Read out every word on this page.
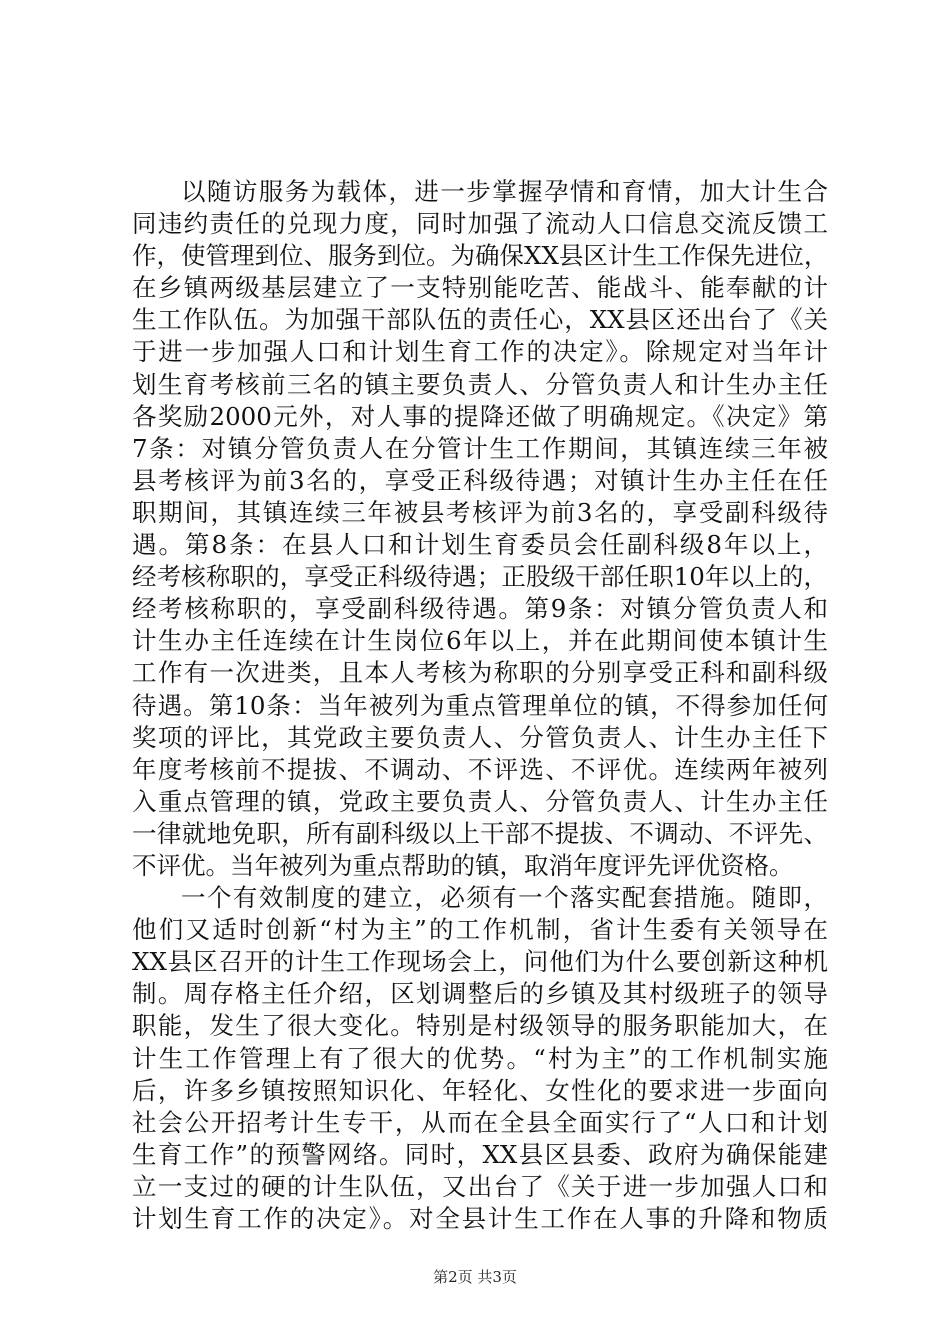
以随访服务为载体，进一步掌握孕情和育情，加大计生合
同违约责任的兑现力度，同时加强了流动人口信息交流反馈工
作，使管理到位、服务到位。为确保XX县区计生工作保先进位，
在乡镇两级基层建立了一支特别能吃苦、能战斗、能奉献的计
生工作队伍。为加强干部队伍的责任心，XX县区还出台了《关
于进一步加强人口和计划生育工作的决定》。除规定对当年计
划生育考核前三名的镇主要负责人、分管负责人和计生办主任
各奖励2000元外，对人事的提降还做了明确规定。《决定》第
7条：对镇分管负责人在分管计生工作期间，其镇连续三年被
县考核评为前3名的，享受正科级待遇；对镇计生办主任在任
职期间，其镇连续三年被县考核评为前3名的，享受副科级待
遇。第8条：在县人口和计划生育委员会任副科级8年以上，
经考核称职的，享受正科级待遇；正股级干部任职10年以上的，
经考核称职的，享受副科级待遇。第9条：对镇分管负责人和
计生办主任连续在计生岗位6年以上，并在此期间使本镇计生
工作有一次进类，且本人考核为称职的分别享受正科和副科级
待遇。第10条：当年被列为重点管理单位的镇，不得参加任何
奖项的评比，其党政主要负责人、分管负责人、计生办主任下
年度考核前不提拔、不调动、不评选、不评优。连续两年被列
入重点管理的镇，党政主要负责人、分管负责人、计生办主任
一律就地免职，所有副科级以上干部不提拔、不调动、不评先、
不评优。当年被列为重点帮助的镇，取消年度评先评优资格。
一个有效制度的建立，必须有一个落实配套措施。随即，
他们又适时创新“村为主”的工作机制，省计生委有关领导在
XX县区召开的计生工作现场会上，问他们为什么要创新这种机
制。周存格主任介绍，区划调整后的乡镇及其村级班子的领导
职能，发生了很大变化。特别是村级领导的服务职能加大，在
计生工作管理上有了很大的优势。“村为主”的工作机制实施
后，许多乡镇按照知识化、年轻化、女性化的要求进一步面向
社会公开招考计生专干，从而在全县全面实行了“人口和计划
生育工作”的预警网络。同时，XX县区县委、政府为确保能建
立一支过的硬的计生队伍，又出台了《关于进一步加强人口和
计划生育工作的决定》。对全县计生工作在人事的升降和物质
第2页 共3页
